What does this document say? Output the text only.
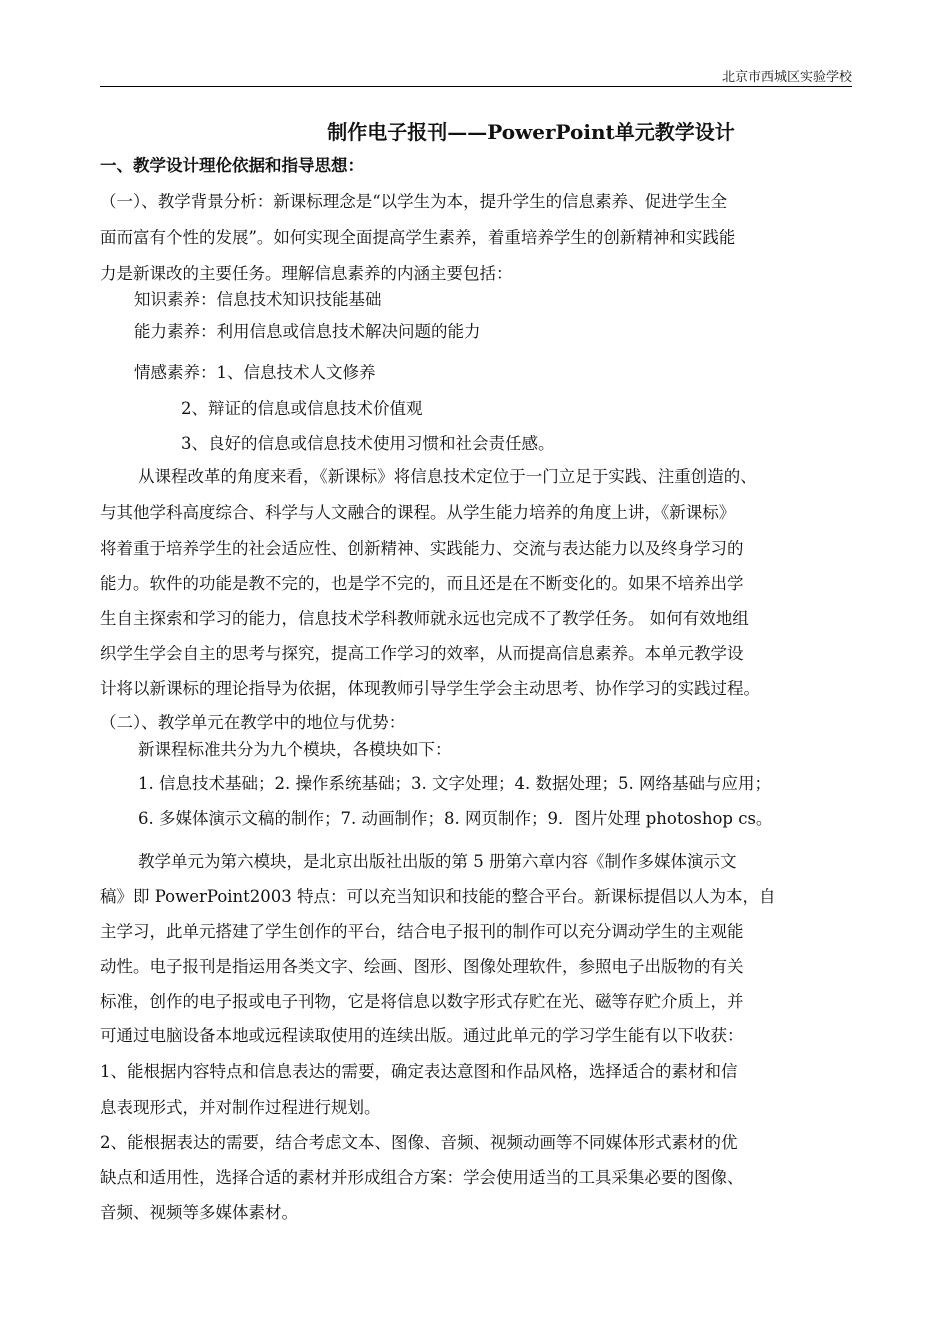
北京市西城区实验学校
制作电子报刊——PowerPoint单元教学设计
一、教学设计理伦依据和指导思想：
（一）、教学背景分析：新课标理念是“以学生为本，提升学生的信息素养、促进学生全
面而富有个性的发展”。如何实现全面提高学生素养，着重培养学生的创新精神和实践能
力是新课改的主要任务。理解信息素养的内涵主要包括：
知识素养：信息技术知识技能基础
能力素养：利用信息或信息技术解决问题的能力
情感素养：1、信息技术人文修养
2、辩证的信息或信息技术价值观
3、良好的信息或信息技术使用习惯和社会责任感。
从课程改革的角度来看，《新课标》将信息技术定位于一门立足于实践、注重创造的、
与其他学科高度综合、科学与人文融合的课程。从学生能力培养的角度上讲，《新课标》
将着重于培养学生的社会适应性、创新精神、实践能力、交流与表达能力以及终身学习的
能力。软件的功能是教不完的，也是学不完的，而且还是在不断变化的。如果不培养出学
生自主探索和学习的能力，信息技术学科教师就永远也完成不了教学任务。 如何有效地组
织学生学会自主的思考与探究，提高工作学习的效率，从而提高信息素养。本单元教学设
计将以新课标的理论指导为依据，体现教师引导学生学会主动思考、协作学习的实践过程。
（二）、教学单元在教学中的地位与优势：
新课程标准共分为九个模块，各模块如下：
1. 信息技术基础；2. 操作系统基础；3. 文字处理；4. 数据处理；5. 网络基础与应用；
6. 多媒体演示文稿的制作；7. 动画制作；8. 网页制作；9．图片处理 photoshop cs。
教学单元为第六模块，是北京出版社出版的第 5 册第六章内容《制作多媒体演示文
稿》即 PowerPoint2003 特点：可以充当知识和技能的整合平台。新课标提倡以人为本，自
主学习，此单元搭建了学生创作的平台，结合电子报刊的制作可以充分调动学生的主观能
动性。电子报刊是指运用各类文字、绘画、图形、图像处理软件，参照电子出版物的有关
标准，创作的电子报或电子刊物，它是将信息以数字形式存贮在光、磁等存贮介质上，并
可通过电脑设备本地或远程读取使用的连续出版。通过此单元的学习学生能有以下收获：
1、能根据内容特点和信息表达的需要，确定表达意图和作品风格，选择适合的素材和信
息表现形式，并对制作过程进行规划。
2、能根据表达的需要，结合考虑文本、图像、音频、视频动画等不同媒体形式素材的优
缺点和适用性，选择合适的素材并形成组合方案：学会使用适当的工具采集必要的图像、
音频、视频等多媒体素材。
